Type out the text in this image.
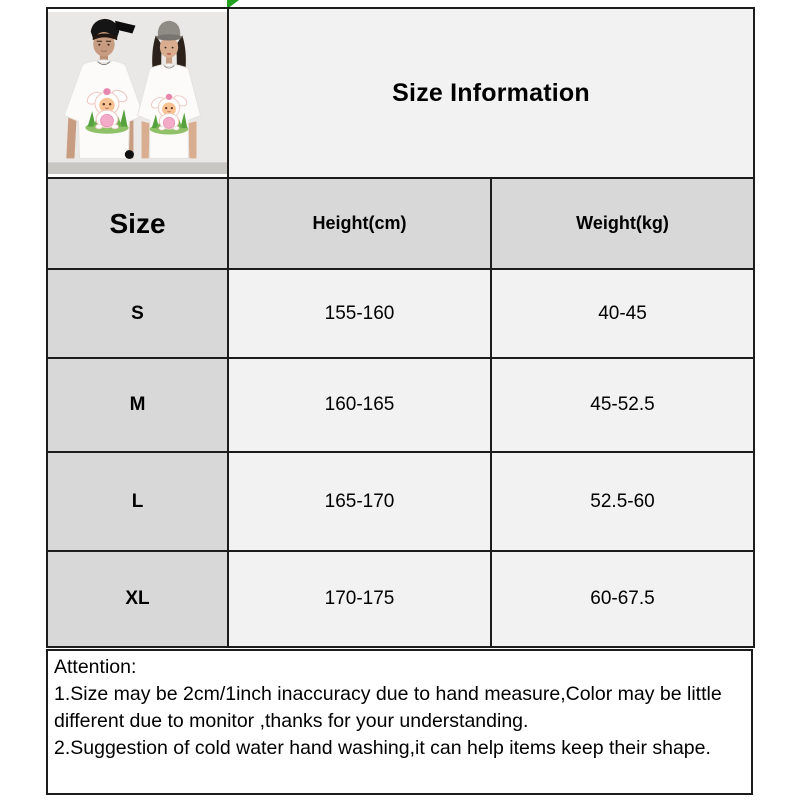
	Size Information	
Size	Height(cm)	Weight(kg)
S	155-160	40-45
M	160-165	45-52.5
L	165-170	52.5-60
XL	170-175	60-67.5
Attention:
1.Size may be 2cm/1inch inaccuracy due to hand measure,Color may be little
different due to monitor ,thanks for your understanding.
2.Suggestion of cold water hand washing,it can help items keep their shape.
